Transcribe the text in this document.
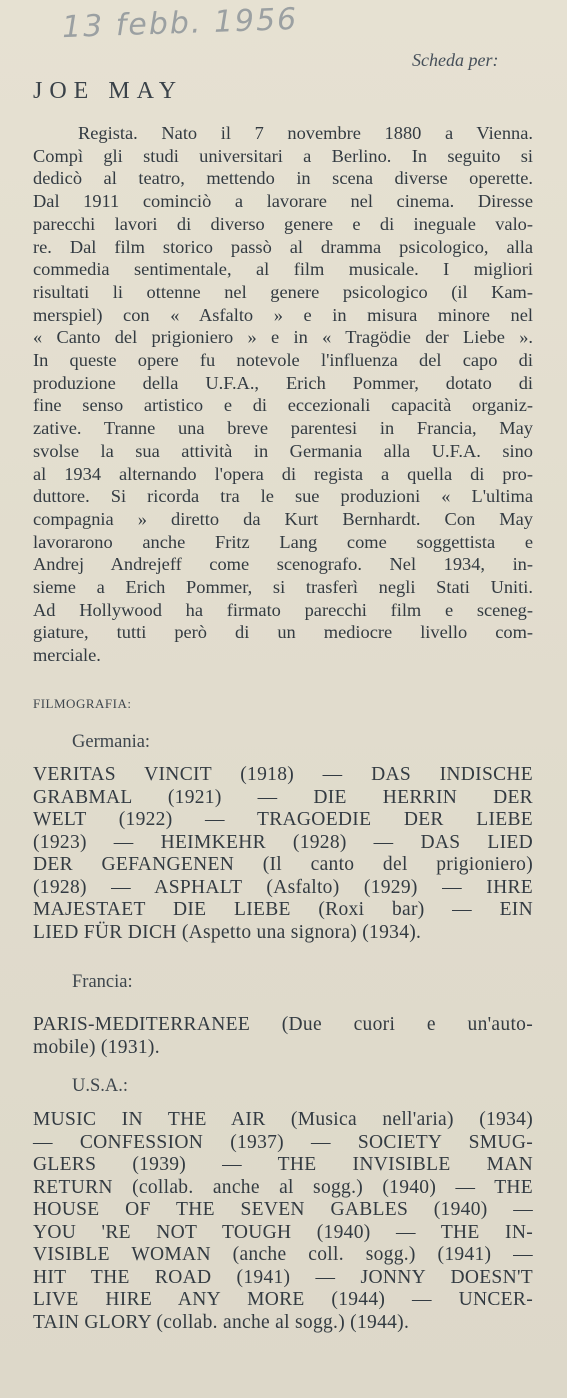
13 febb. 1956
Scheda per:
JOE MAY
Regista. Nato il 7 novembre 1880 a Vienna.
Compì gli studi universitari a Berlino. In seguito si
dedicò al teatro, mettendo in scena diverse operette.
Dal 1911 cominciò a lavorare nel cinema. Diresse
parecchi lavori di diverso genere e di ineguale valo-
re. Dal film storico passò al dramma psicologico, alla
commedia sentimentale, al film musicale. I migliori
risultati li ottenne nel genere psicologico (il Kam-
merspiel) con « Asfalto » e in misura minore nel
« Canto del prigioniero » e in « Tragödie der Liebe ».
In queste opere fu notevole l'influenza del capo di
produzione della U.F.A., Erich Pommer, dotato di
fine senso artistico e di eccezionali capacità organiz-
zative. Tranne una breve parentesi in Francia, May
svolse la sua attività in Germania alla U.F.A. sino
al 1934 alternando l'opera di regista a quella di pro-
duttore. Si ricorda tra le sue produzioni « L'ultima
compagnia » diretto da Kurt Bernhardt. Con May
lavorarono anche Fritz Lang come soggettista e
Andrej Andrejeff come scenografo. Nel 1934, in-
sieme a Erich Pommer, si trasferì negli Stati Uniti.
Ad Hollywood ha firmato parecchi film e sceneg-
giature, tutti però di un mediocre livello com-
merciale.
FILMOGRAFIA:
Germania:
VERITAS VINCIT (1918) — DAS INDISCHE
GRABMAL (1921) — DIE HERRIN DER
WELT (1922) — TRAGOEDIE DER LIEBE
(1923) — HEIMKEHR (1928) — DAS LIED
DER GEFANGENEN (Il canto del prigioniero)
(1928) — ASPHALT (Asfalto) (1929) — IHRE
MAJESTAET DIE LIEBE (Roxi bar) — EIN
LIED FÜR DICH (Aspetto una signora) (1934).
Francia:
PARIS-MEDITERRANEE (Due cuori e un'auto-
mobile) (1931).
U.S.A.:
MUSIC IN THE AIR (Musica nell'aria) (1934)
— CONFESSION (1937) — SOCIETY SMUG-
GLERS (1939) — THE INVISIBLE MAN
RETURN (collab. anche al sogg.) (1940) — THE
HOUSE OF THE SEVEN GABLES (1940) —
YOU 'RE NOT TOUGH (1940) — THE IN-
VISIBLE WOMAN (anche coll. sogg.) (1941) —
HIT THE ROAD (1941) — JONNY DOESN'T
LIVE HIRE ANY MORE (1944) — UNCER-
TAIN GLORY (collab. anche al sogg.) (1944).
